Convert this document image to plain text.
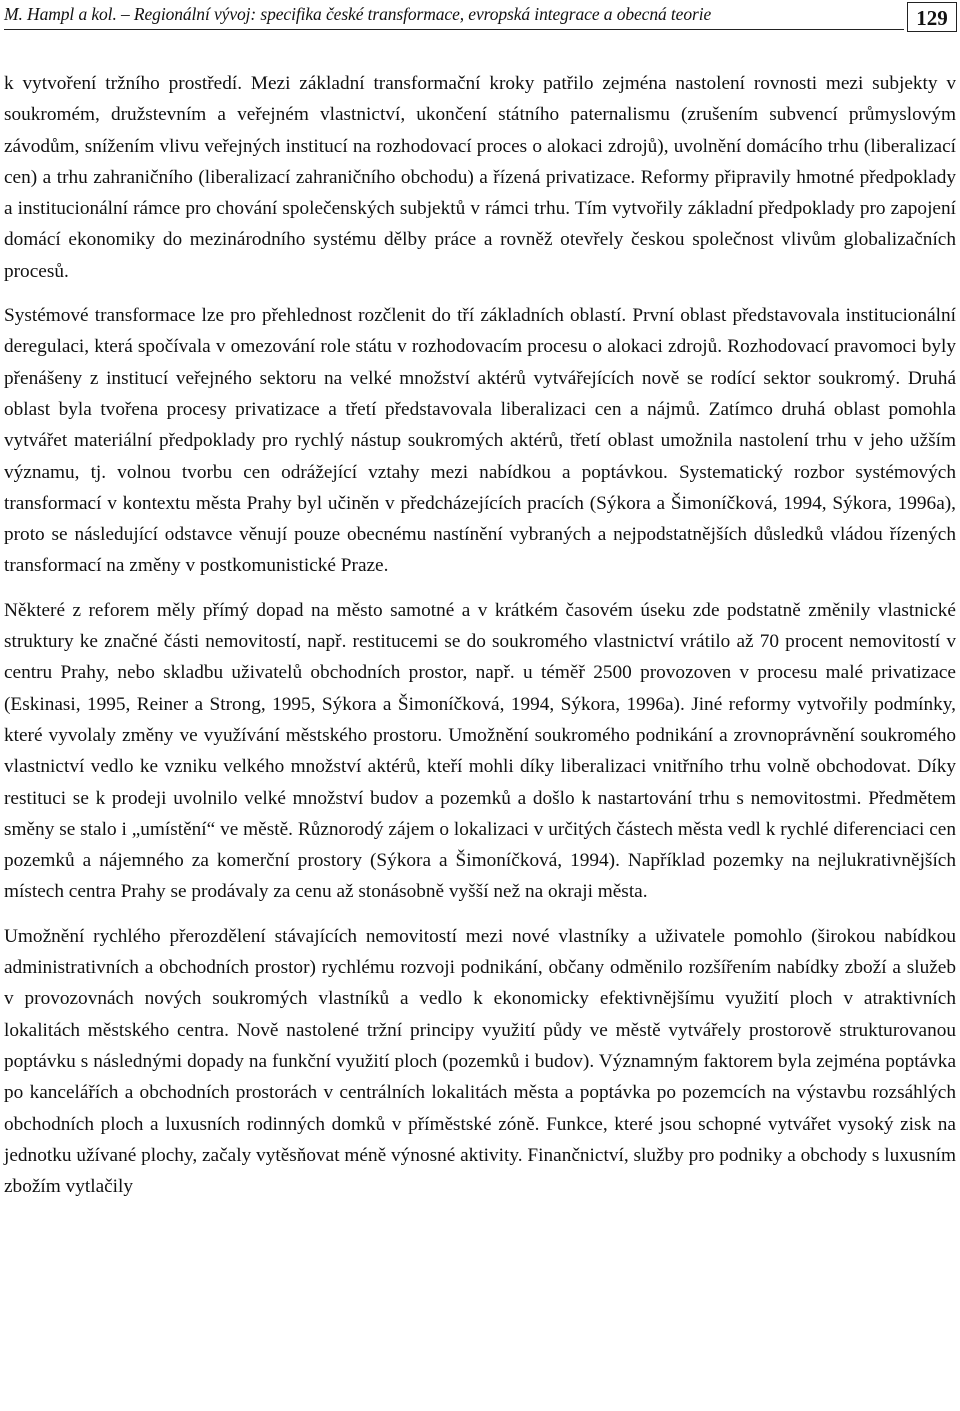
M. Hampl a kol. – Regionální vývoj: specifika české transformace, evropská integrace a obecná teorie	129

k vytvoření tržního prostředí. Mezi základní transformační kroky patřilo zejména nastolení rovnosti mezi subjekty v soukromém, družstevním a veřejném vlastnictví, ukončení státního paternalismu (zrušením subvencí průmyslovým závodům, snížením vlivu veřejných institucí na rozhodovací proces o alokaci zdrojů), uvolnění domácího trhu (liberalizací cen) a trhu zahraničního (liberalizací zahraničního obchodu) a řízená privatizace. Reformy připravily hmotné předpoklady a institucionální rámce pro chování společenských subjektů v rámci trhu. Tím vytvořily základní předpoklady pro zapojení domácí ekonomiky do mezinárodního systému dělby práce a rovněž otevřely českou společnost vlivům globalizačních procesů.

Systémové transformace lze pro přehlednost rozčlenit do tří základních oblastí. První oblast představovala institucionální deregulaci, která spočívala v omezování role státu v rozhodovacím procesu o alokaci zdrojů. Rozhodovací pravomoci byly přenášeny z institucí veřejného sektoru na velké množství aktérů vytvářejících nově se rodící sektor soukromý. Druhá oblast byla tvořena procesy privatizace a třetí představovala liberalizaci cen a nájmů. Zatímco druhá oblast pomohla vytvářet materiální předpoklady pro rychlý nástup soukromých aktérů, třetí oblast umožnila nastolení trhu v jeho užším významu, tj. volnou tvorbu cen odrážející vztahy mezi nabídkou a poptávkou. Systematický rozbor systémových transformací v kontextu města Prahy byl učiněn v předcházejících pracích (Sýkora a Šimoníčková, 1994, Sýkora, 1996a), proto se následující odstavce věnují pouze obecnému nastínění vybraných a nejpodstatnějších důsledků vládou řízených transformací na změny v postkomunistické Praze.

Některé z reforem měly přímý dopad na město samotné a v krátkém časovém úseku zde podstatně změnily vlastnické struktury ke značné části nemovitostí, např. restitucemi se do soukromého vlastnictví vrátilo až 70 procent nemovitostí v centru Prahy, nebo skladbu uživatelů obchodních prostor, např. u téměř 2500 provozoven v procesu malé privatizace (Eskinasi, 1995, Reiner a Strong, 1995, Sýkora a Šimoníčková, 1994, Sýkora, 1996a). Jiné reformy vytvořily podmínky, které vyvolaly změny ve využívání městského prostoru. Umožnění soukromého podnikání a zrovnoprávnění soukromého vlastnictví vedlo ke vzniku velkého množství aktérů, kteří mohli díky liberalizaci vnitřního trhu volně obchodovat. Díky restituci se k prodeji uvolnilo velké množství budov a pozemků a došlo k nastartování trhu s nemovitostmi. Předmětem směny se stalo i „umístění“ ve městě. Různorodý zájem o lokalizaci v určitých částech města vedl k rychlé diferenciaci cen pozemků a nájemného za komerční prostory (Sýkora a Šimoníčková, 1994). Například pozemky na nejlukrativnějších místech centra Prahy se prodávaly za cenu až stonásobně vyšší než na okraji města.

Umožnění rychlého přerozdělení stávajících nemovitostí mezi nové vlastníky a uživatele pomohlo (širokou nabídkou administrativních a obchodních prostor) rychlému rozvoji podnikání, občany odměnilo rozšířením nabídky zboží a služeb v provozovnách nových soukromých vlastníků a vedlo k ekonomicky efektivnějšímu využití ploch v atraktivních lokalitách městského centra. Nově nastolené tržní principy využití půdy ve městě vytvářely prostorově strukturovanou poptávku s následnými dopady na funkční využití ploch (pozemků i budov). Významným faktorem byla zejména poptávka po kancelářích a obchodních prostorách v centrálních lokalitách města a poptávka po pozemcích na výstavbu rozsáhlých obchodních ploch a luxusních rodinných domků v příměstské zóně. Funkce, které jsou schopné vytvářet vysoký zisk na jednotku užívané plochy, začaly vytěsňovat méně výnosné aktivity. Finančnictví, služby pro podniky a obchody s luxusním zbožím vytlačily
